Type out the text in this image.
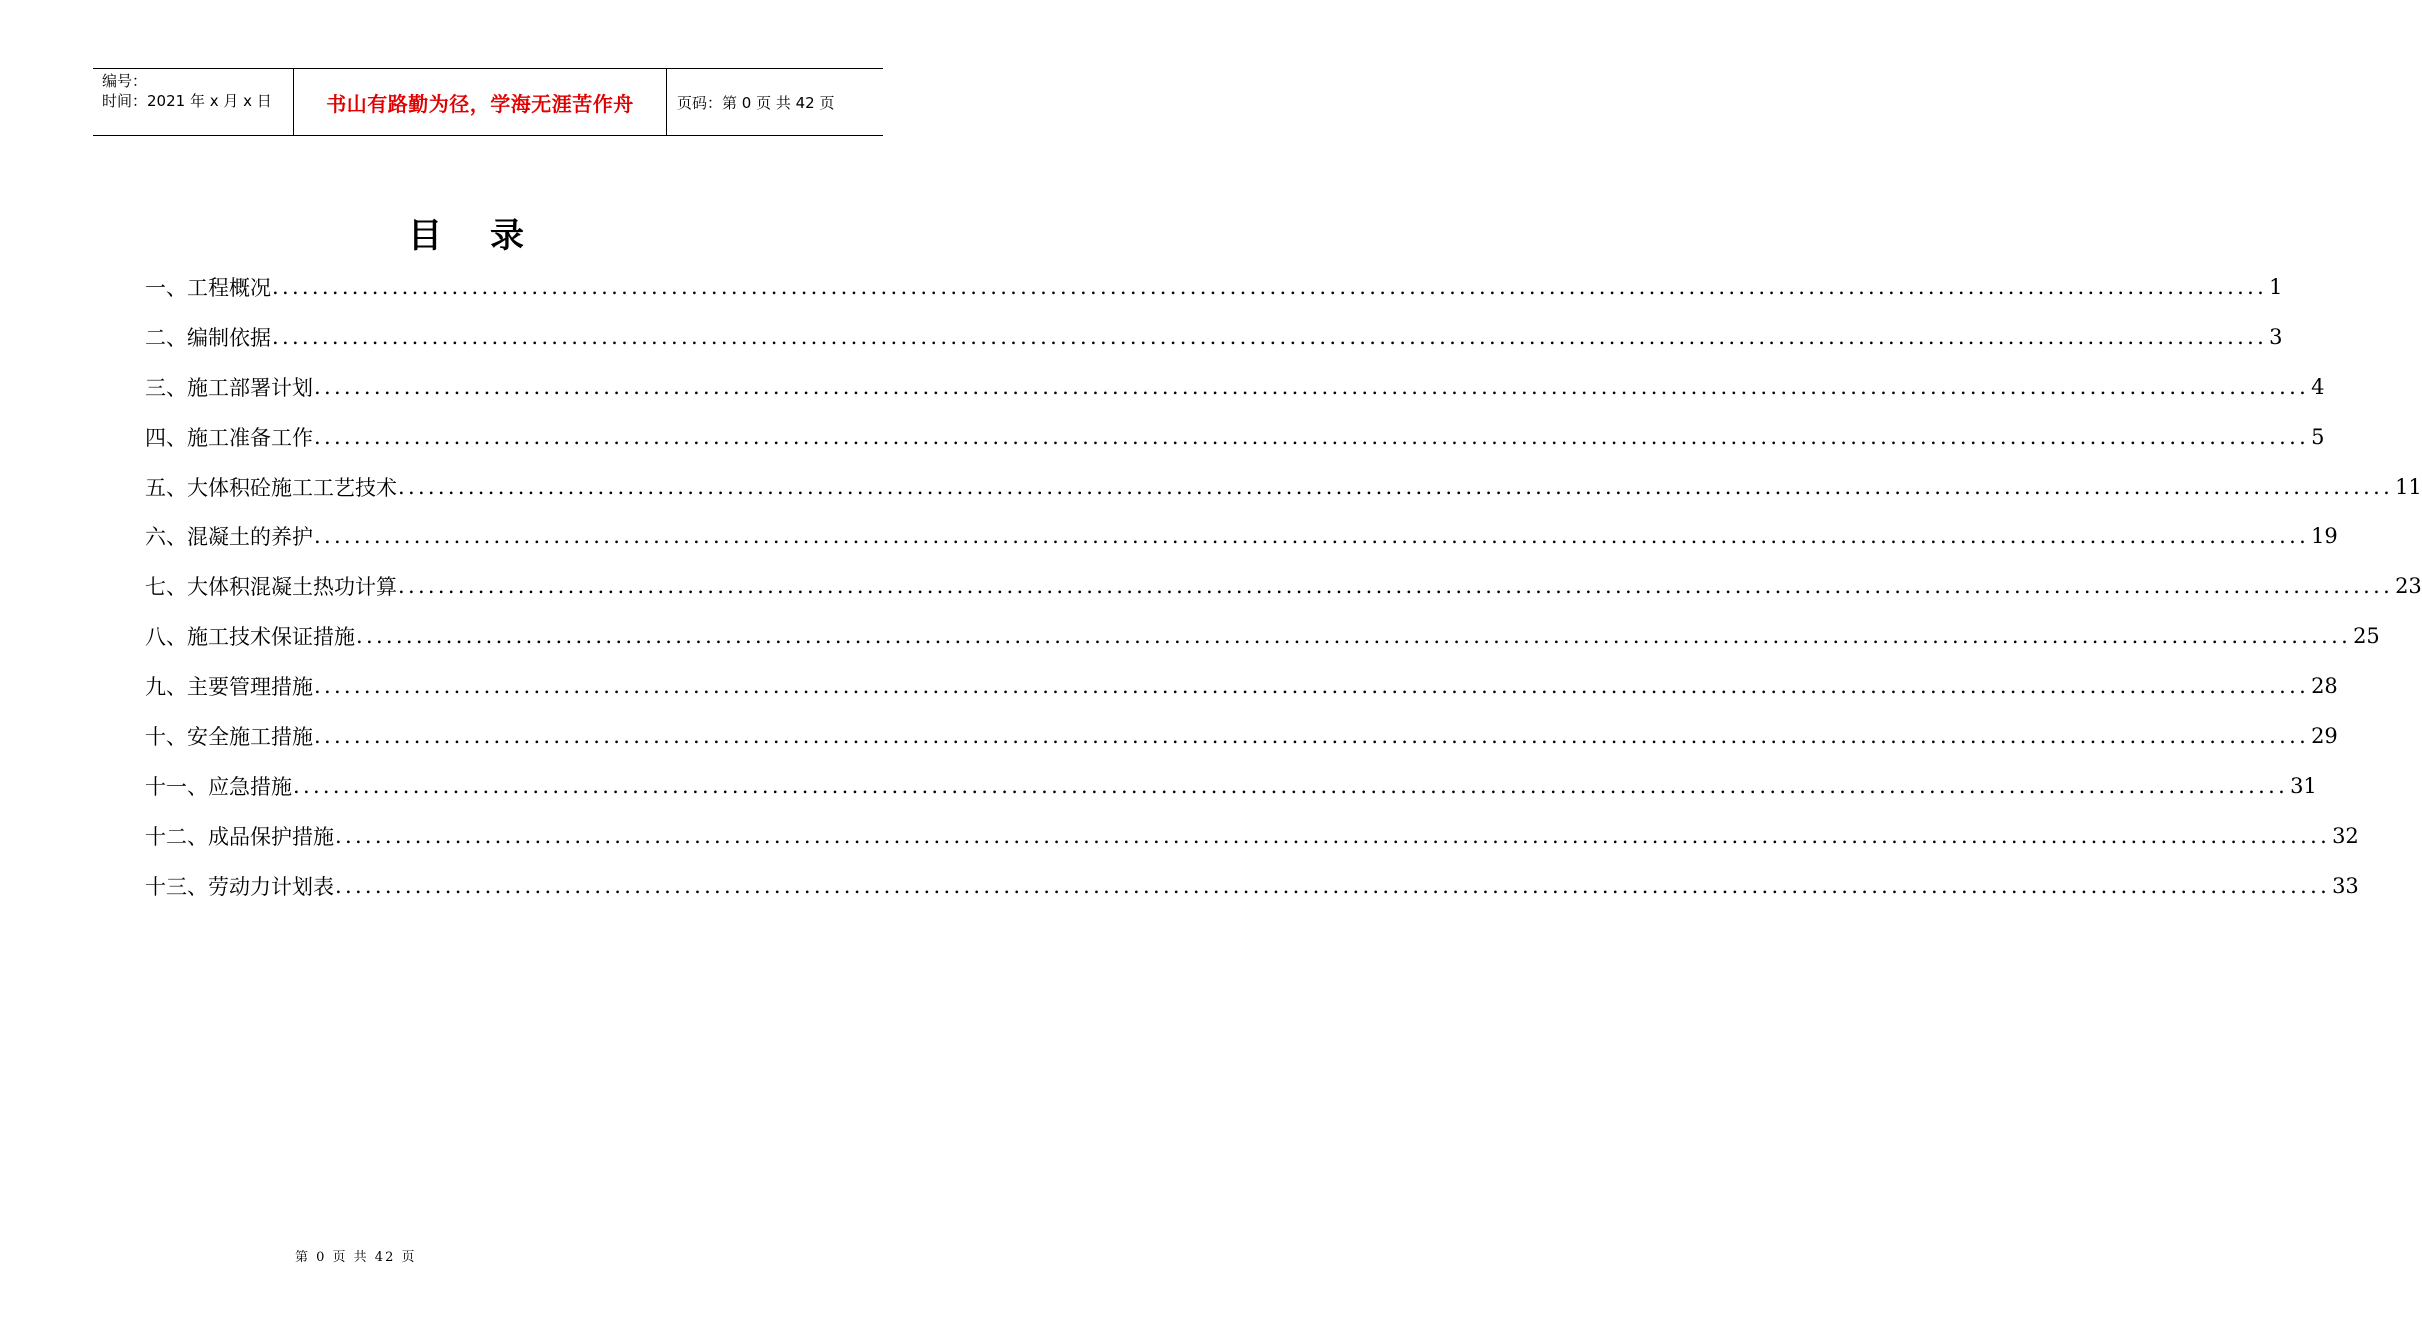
编号：
时间：2021 年 x 月 x 日	书山有路勤为径，学海无涯苦作舟	页码：第 0 页 共 42 页
目录
一、工程概况 ........................................................................................................................................................................................................ 1
二、编制依据 ........................................................................................................................................................................................................ 3
三、施工部署计划 ........................................................................................................................................................................................................ 4
四、施工准备工作 ........................................................................................................................................................................................................ 5
五、大体积砼施工工艺技术 ........................................................................................................................................................................................................ 11
六、混凝土的养护 ........................................................................................................................................................................................................ 19
七、大体积混凝土热功计算 ........................................................................................................................................................................................................ 23
八、施工技术保证措施 ........................................................................................................................................................................................................ 25
九、主要管理措施 ........................................................................................................................................................................................................ 28
十、安全施工措施 ........................................................................................................................................................................................................ 29
十一、应急措施 ........................................................................................................................................................................................................ 31
十二、成品保护措施 ........................................................................................................................................................................................................ 32
十三、劳动力计划表 ........................................................................................................................................................................................................ 33
第 0 页 共 42 页
